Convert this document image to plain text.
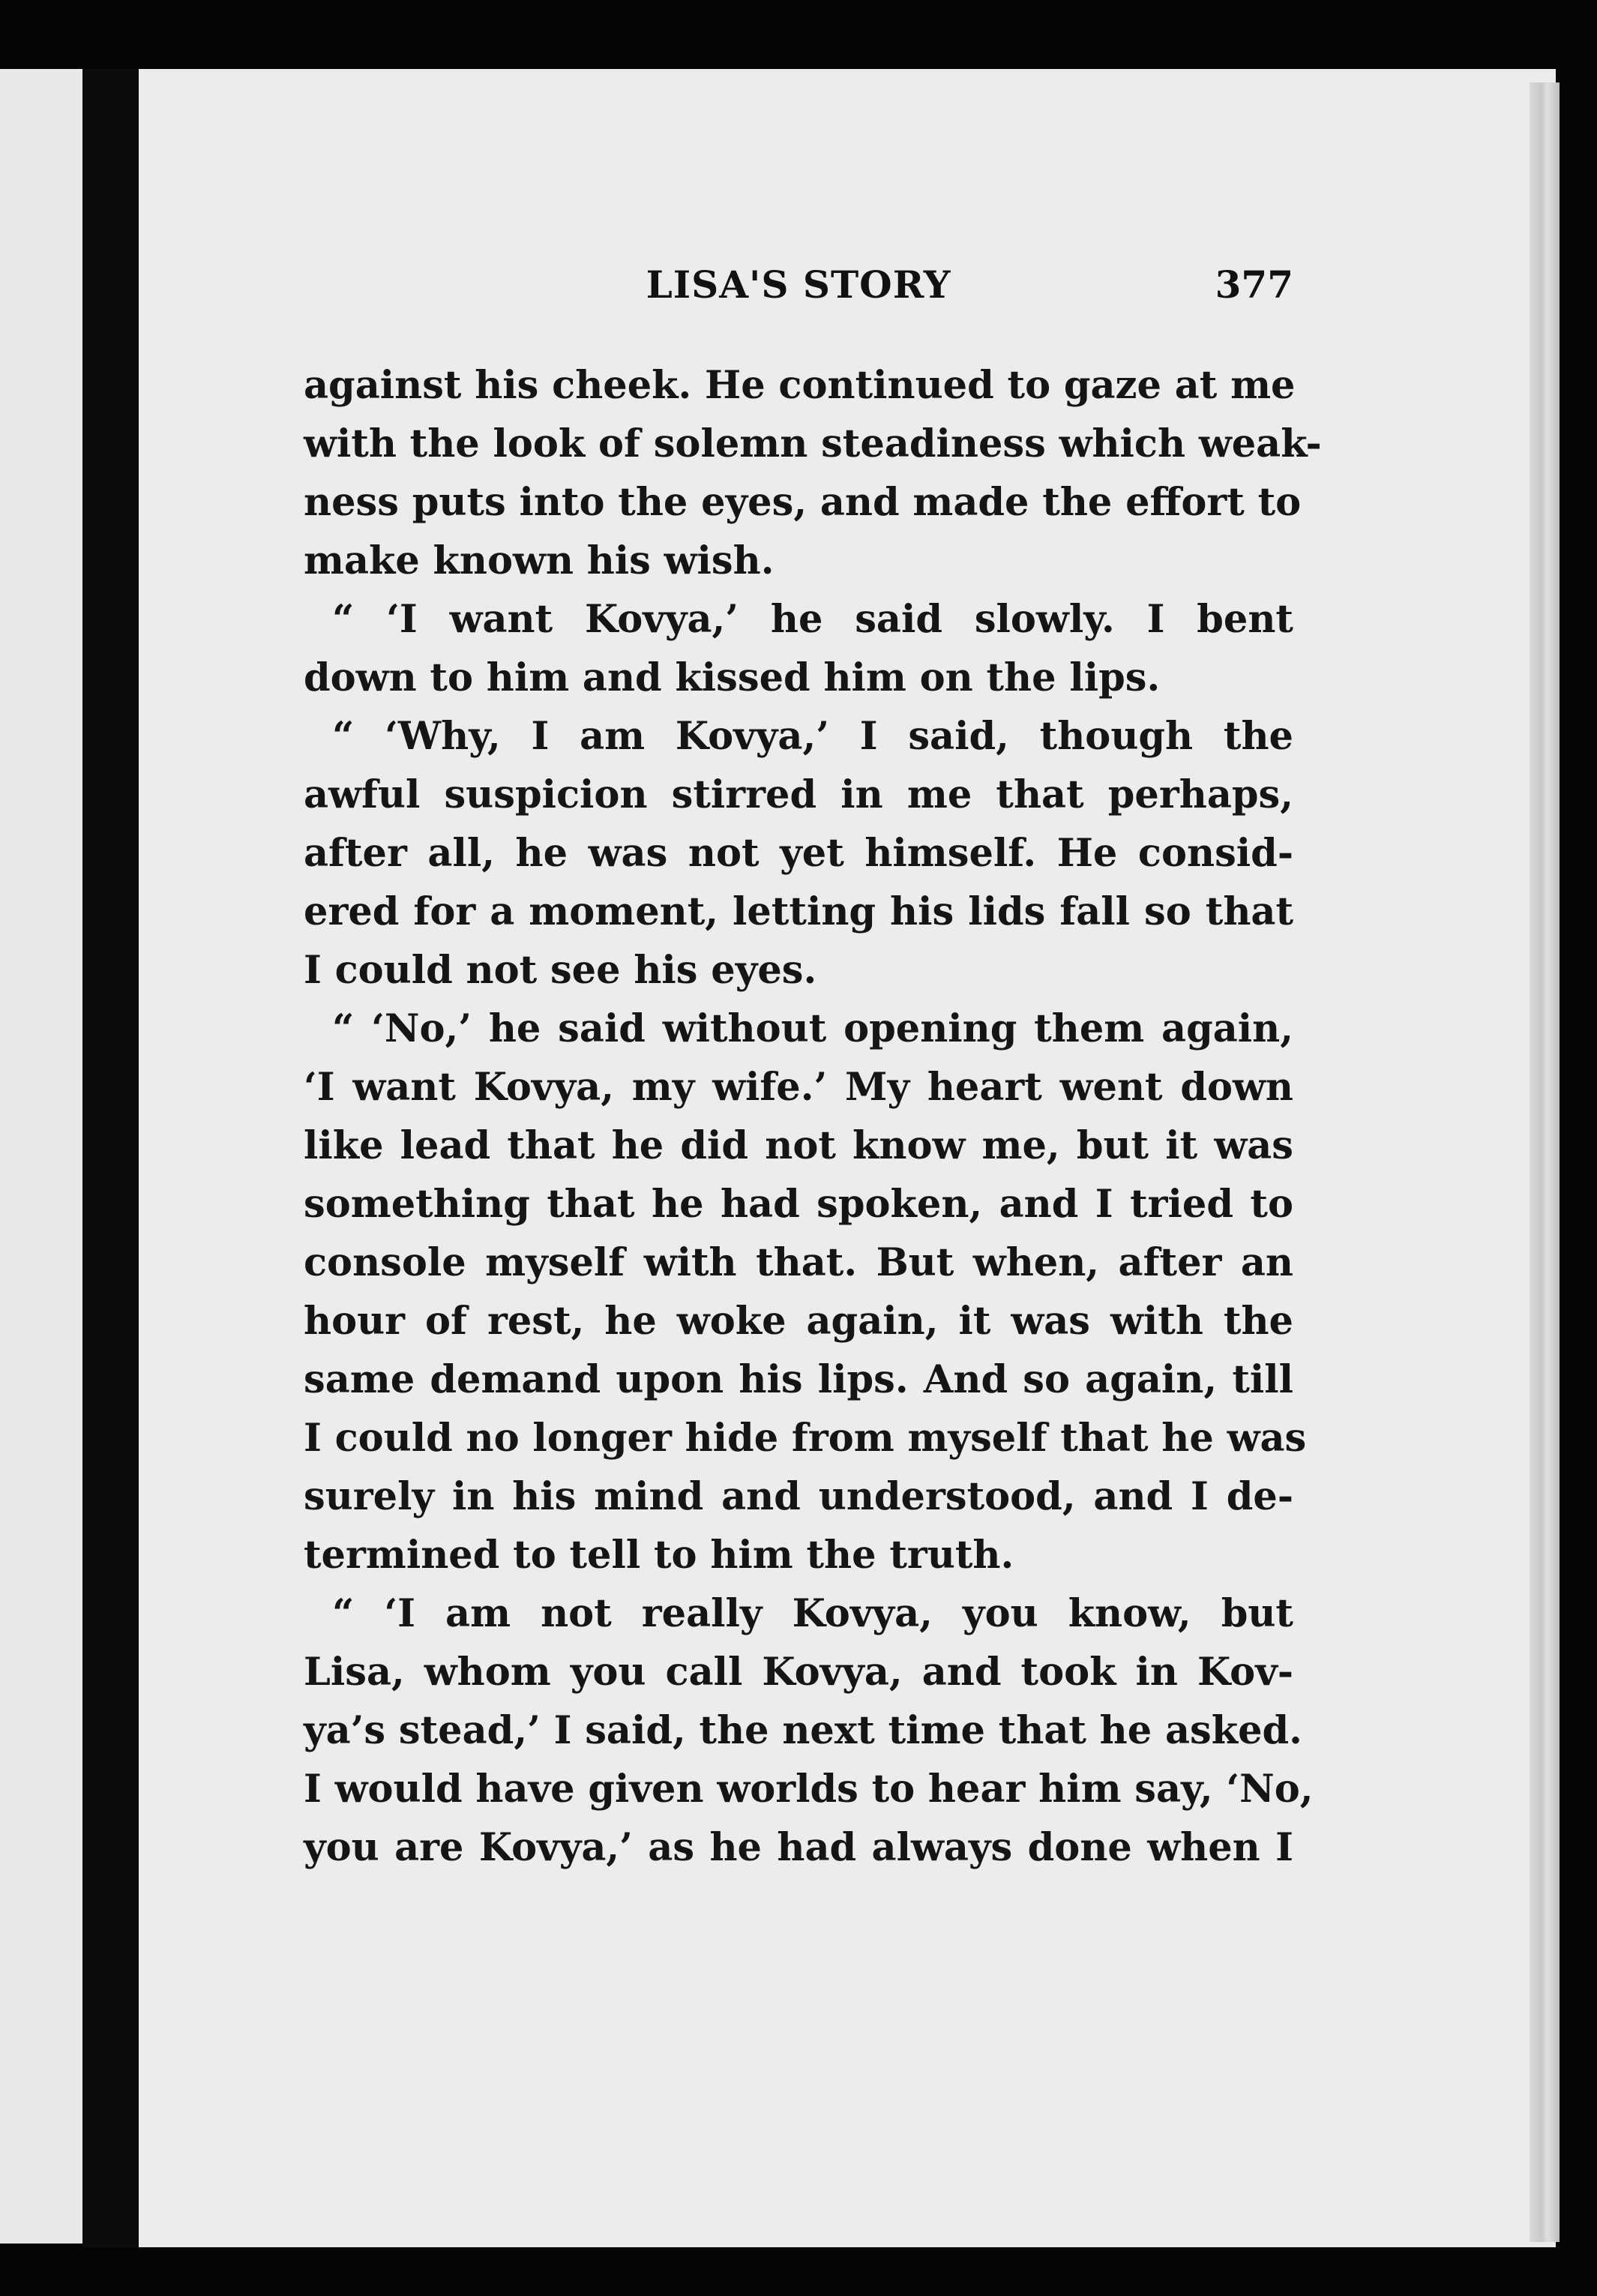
LISA'S STORY	377
against his cheek. He continued to gaze at me
with the look of solemn steadiness which weak-
ness puts into the eyes, and made the effort to
make known his wish.
“ ‘I want Kovya,’ he said slowly. I bent
down to him and kissed him on the lips.
“ ‘Why, I am Kovya,’ I said, though the
awful suspicion stirred in me that perhaps,
after all, he was not yet himself. He consid-
ered for a moment, letting his lids fall so that
I could not see his eyes.
“ ‘No,’ he said without opening them again,
‘I want Kovya, my wife.’ My heart went down
like lead that he did not know me, but it was
something that he had spoken, and I tried to
console myself with that. But when, after an
hour of rest, he woke again, it was with the
same demand upon his lips. And so again, till
I could no longer hide from myself that he was
surely in his mind and understood, and I de-
termined to tell to him the truth.
“ ‘I am not really Kovya, you know, but
Lisa, whom you call Kovya, and took in Kov-
ya’s stead,’ I said, the next time that he asked.
I would have given worlds to hear him say, ‘No,
you are Kovya,’ as he had always done when I
